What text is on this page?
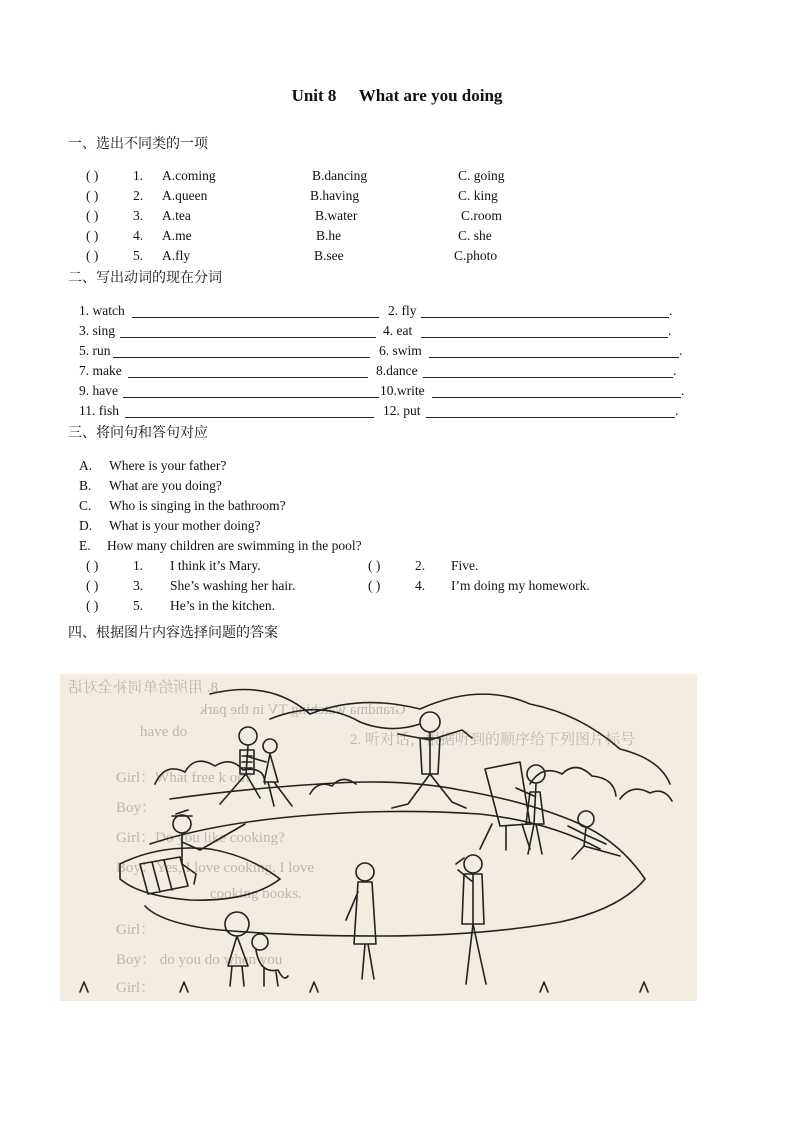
Unit 8 What are you doing
一、选出不同类的一项
( )	1. A.coming	B.dancing	C. going
( )	2. A.queen	B.having	C. king
( )	3. A.tea	B.water	C.room
( )	4. A.me	B.he	C. she
( )	5. A.fly	B.see	C.photo
二、写出动词的现在分词
1. watch	2. fly	.
3. sing	4. eat	.
5. run	6. swim	.
7. make	8.dance	.
9. have	10.write	.
11. fish	12. put	.
三、将问句和答句对应
A. Where is your father?
B. What are you doing?
C. Who is singing in the bathroom?
D. What is your mother doing?
E. How many children are swimming in the pool?
( )	1. I think it’s Mary.	( )	2. Five.
( )	3. She’s washing her hair.	( )	4. I’m doing my homework.
( )	5. He’s in the kitchen.
四、根据图片内容选择问题的答案
8. 用所给单词补全对话
Grandma watching TV in the park
have do	2. 听对话，根据听到的顺序给下列图片标号
Girl：What free k od?
Boy：
Girl：Do you like cooking?
Boy：Yes, I love cooking. I love
cooking books.
Girl：
Boy： do you do when you
Girl：
